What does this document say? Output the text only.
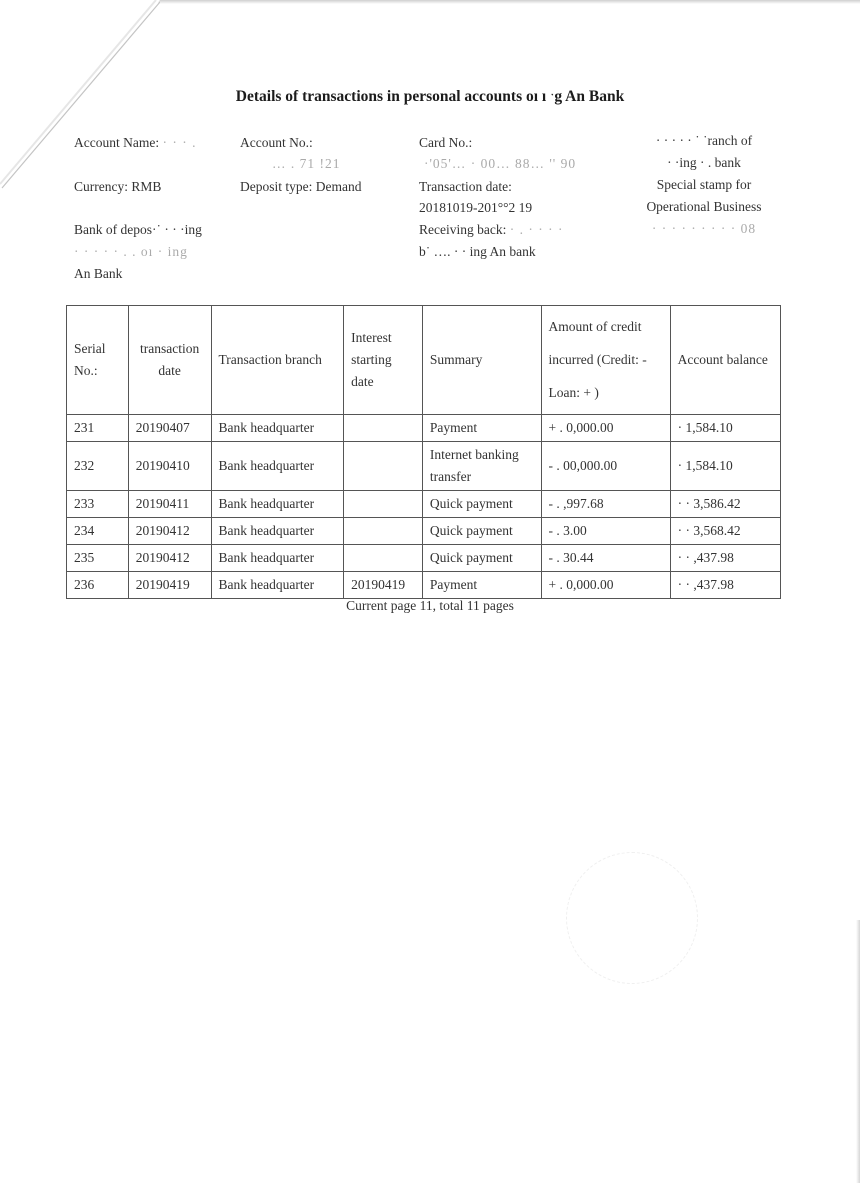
Details of transactions in personal accounts oı ı ˑg An Bank
Account Name: · · · .
Currency: RMB
Bank of depos·˙ · · ·ing
· · · · · . . oı · ing
An Bank
Account No.:
… . 71 !21
Deposit type: Demand
Card No.:
·'05'… · 00… 88… '' 90
Transaction date:
20181019-201°°2 19
Receiving back: · . · · · ·
b˙ …. · · ing An bank
· · · · · ˙ ˙ranch of
· ·ing · . bank
Special stamp for
Operational Business
· · · · · · · · · 08
Serial No.:	transaction date	Transaction branch	Interest starting date	Summary	Amount of credit
incurred (Credit: -
Loan: + )	Account balance
231	20190407	Bank headquarter		Payment	+ . 0,000.00	· 1,584.10
232	20190410	Bank headquarter		Internet banking transfer	- . 00,000.00	· 1,584.10
233	20190411	Bank headquarter		Quick payment	- . ,997.68	· · 3,586.42
234	20190412	Bank headquarter		Quick payment	- . 3.00	· · 3,568.42
235	20190412	Bank headquarter		Quick payment	- . 30.44	· · ,437.98
236	20190419	Bank headquarter	20190419	Payment	+ . 0,000.00	· · ,437.98
Current page 11, total 11 pages
